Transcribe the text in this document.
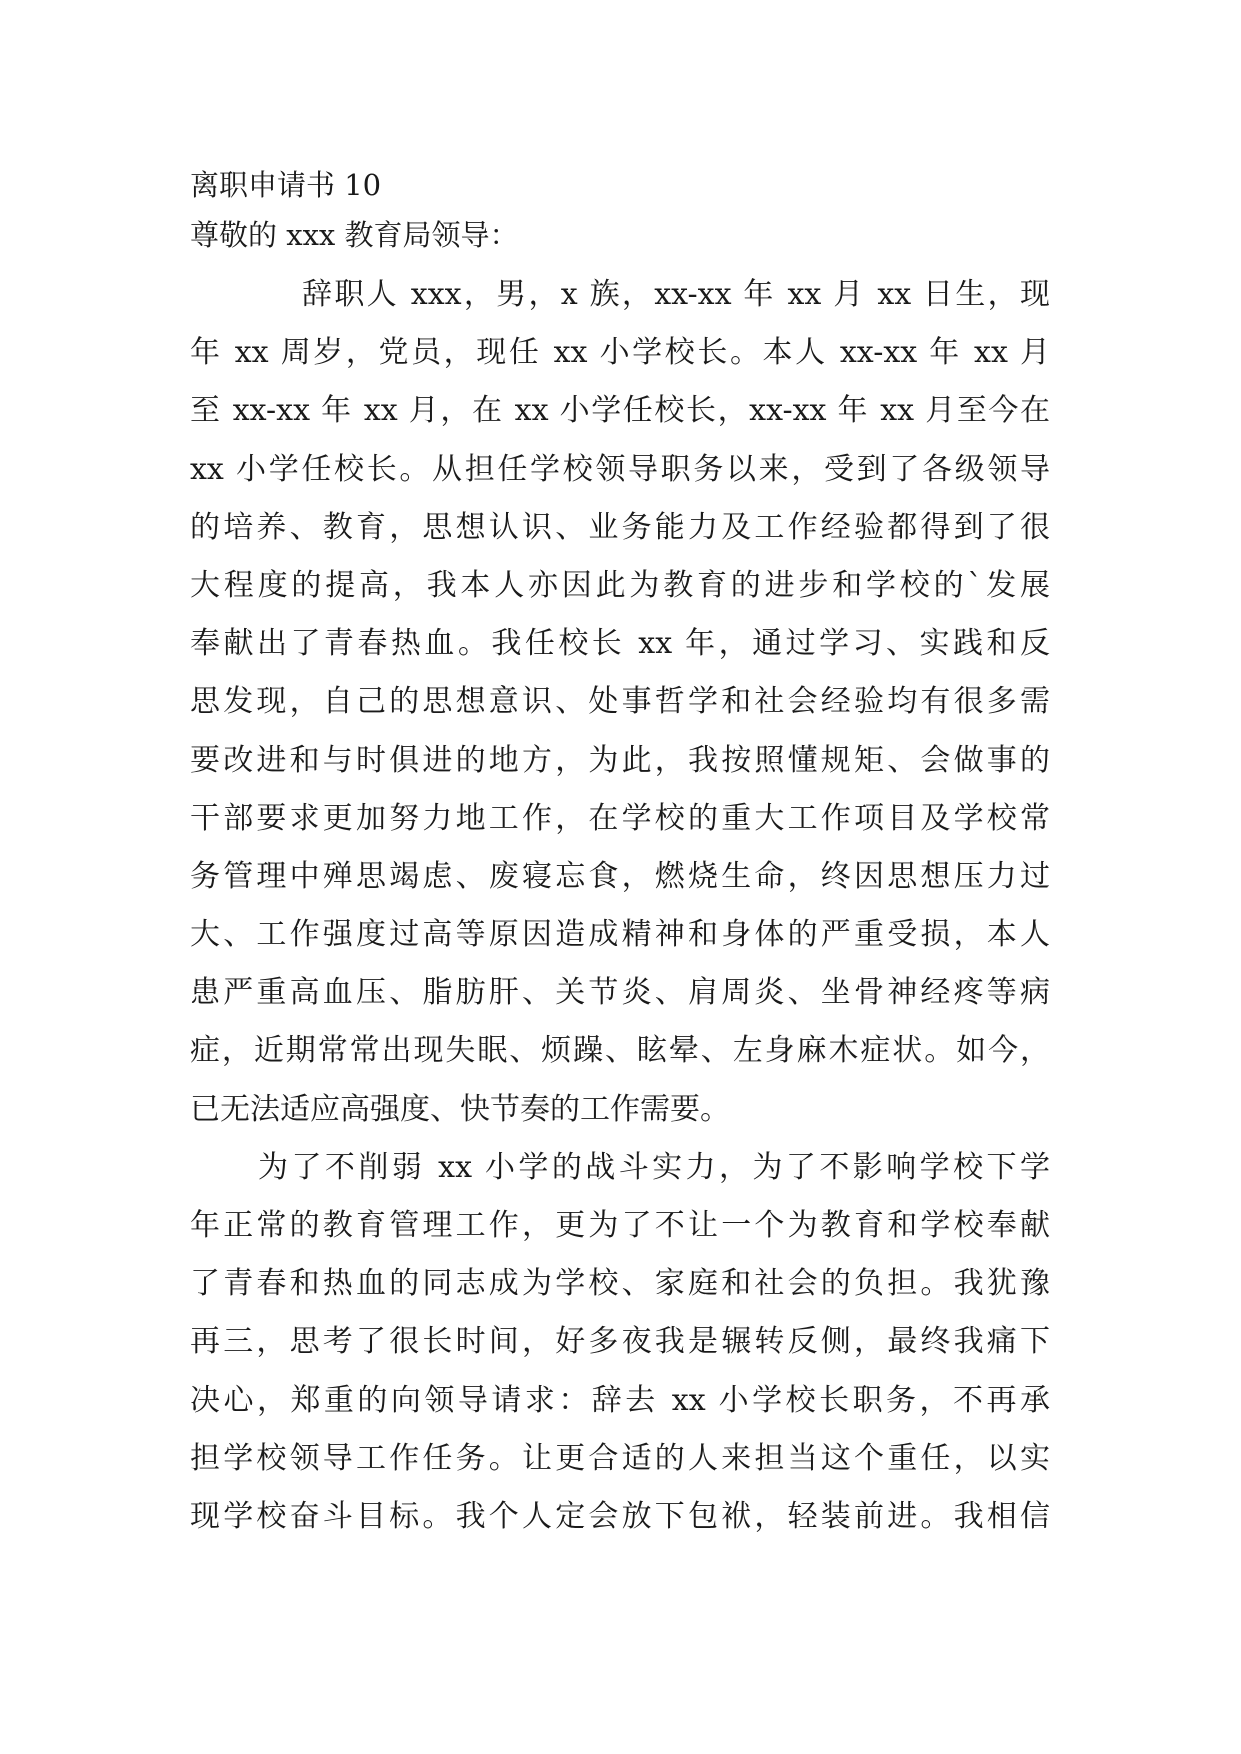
离职申请书 10
尊敬的 xxx 教育局领导：
辞职人 xxx，男，x 族，xx-xx 年 xx 月 xx 日生，现
年 xx 周岁，党员，现任 xx 小学校长。本人 xx-xx 年 xx 月
至 xx-xx 年 xx 月，在 xx 小学任校长，xx-xx 年 xx 月至今在
xx 小学任校长。从担任学校领导职务以来，受到了各级领导
的培养、教育，思想认识、业务能力及工作经验都得到了很
大程度的提高，我本人亦因此为教育的进步和学校的`发展
奉献出了青春热血。我任校长 xx 年，通过学习、实践和反
思发现，自己的思想意识、处事哲学和社会经验均有很多需
要改进和与时俱进的地方，为此，我按照懂规矩、会做事的
干部要求更加努力地工作，在学校的重大工作项目及学校常
务管理中殚思竭虑、废寝忘食，燃烧生命，终因思想压力过
大、工作强度过高等原因造成精神和身体的严重受损，本人
患严重高血压、脂肪肝、关节炎、肩周炎、坐骨神经疼等病
症，近期常常出现失眠、烦躁、眩晕、左身麻木症状。如今，
已无法适应高强度、快节奏的工作需要。
为了不削弱 xx 小学的战斗实力，为了不影响学校下学
年正常的教育管理工作，更为了不让一个为教育和学校奉献
了青春和热血的同志成为学校、家庭和社会的负担。我犹豫
再三，思考了很长时间，好多夜我是辗转反侧，最终我痛下
决心，郑重的向领导请求：辞去 xx 小学校长职务，不再承
担学校领导工作任务。让更合适的人来担当这个重任，以实
现学校奋斗目标。我个人定会放下包袱，轻装前进。我相信
